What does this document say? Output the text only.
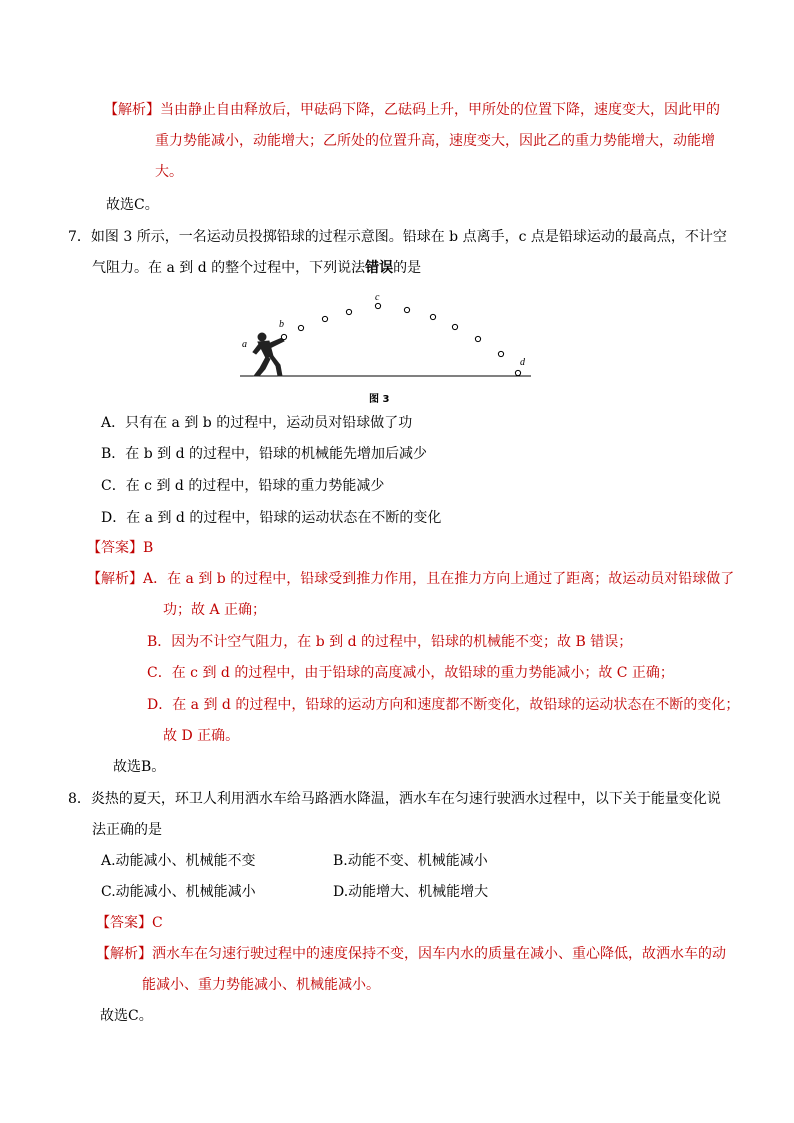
【解析】当由静止自由释放后，甲砝码下降，乙砝码上升，甲所处的位置下降，速度变大，因此甲的
重力势能减小，动能增大；乙所处的位置升高，速度变大，因此乙的重力势能增大，动能增
大。
故选C。
7．如图 3 所示，一名运动员投掷铅球的过程示意图。铅球在 b 点离手，c 点是铅球运动的最高点，不计空
气阻力。在 a 到 d 的整个过程中，下列说法错误的是
a
b
c
d
图 3
A．只有在 a 到 b 的过程中，运动员对铅球做了功
B．在 b 到 d 的过程中，铅球的机械能先增加后减少
C．在 c 到 d 的过程中，铅球的重力势能减少
D．在 a 到 d 的过程中，铅球的运动状态在不断的变化
【答案】B
【解析】A．在 a 到 b 的过程中，铅球受到推力作用，且在推力方向上通过了距离；故运动员对铅球做了
功；故 A 正确；
B．因为不计空气阻力，在 b 到 d 的过程中，铅球的机械能不变；故 B 错误；
C．在 c 到 d 的过程中，由于铅球的高度减小，故铅球的重力势能减小；故 C 正确；
D．在 a 到 d 的过程中，铅球的运动方向和速度都不断变化，故铅球的运动状态在不断的变化；
故 D 正确。
故选B。
8．炎热的夏天，环卫人利用洒水车给马路洒水降温，洒水车在匀速行驶洒水过程中，以下关于能量变化说
法正确的是
A.动能减小、机械能不变	B.动能不变、机械能减小
C.动能减小、机械能减小	D.动能增大、机械能增大
【答案】C
【解析】洒水车在匀速行驶过程中的速度保持不变，因车内水的质量在减小、重心降低，故洒水车的动
能减小、重力势能减小、机械能减小。
故选C。
